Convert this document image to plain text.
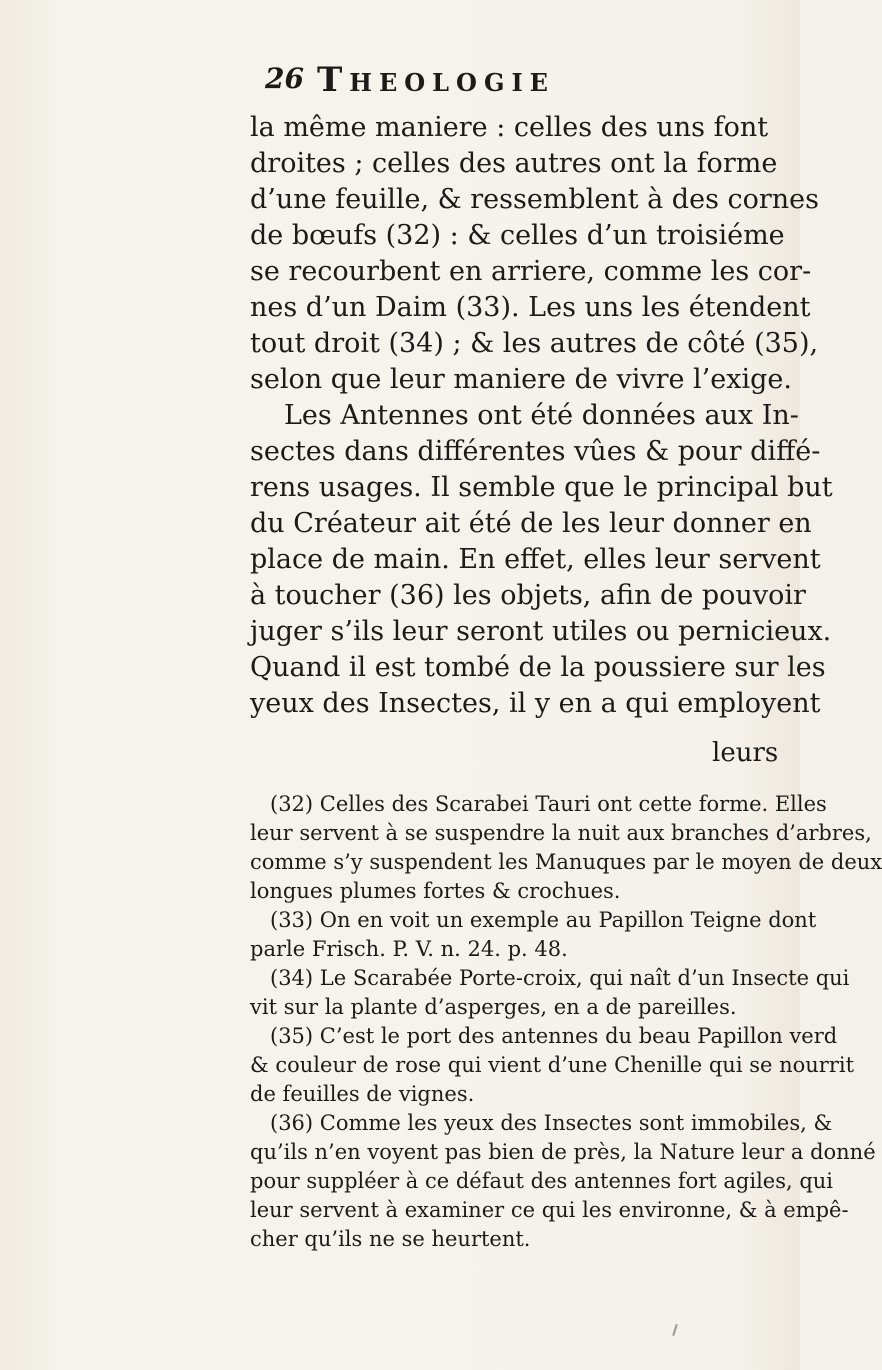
26 Theologie
la même maniere : celles des uns font
droites ; celles des autres ont la forme
d’une feuille, & ressemblent à des cornes
de bœufs (32) : & celles d’un troisiéme
se recourbent en arriere, comme les cor-
nes d’un Daim (33). Les uns les étendent
tout droit (34) ; & les autres de côté (35),
selon que leur maniere de vivre l’exige.
Les Antennes ont été données aux In-
sectes dans différentes vûes & pour diffé-
rens usages. Il semble que le principal but
du Créateur ait été de les leur donner en
place de main. En effet, elles leur servent
à toucher (36) les objets, afin de pouvoir
juger s’ils leur seront utiles ou pernicieux.
Quand il est tombé de la poussiere sur les
yeux des Insectes, il y en a qui employent
leurs
(32) Celles des Scarabei Tauri ont cette forme. Elles
leur servent à se suspendre la nuit aux branches d’arbres,
comme s’y suspendent les Manuques par le moyen de deux
longues plumes fortes & crochues.
(33) On en voit un exemple au Papillon Teigne dont
parle Frisch. P. V. n. 24. p. 48.
(34) Le Scarabée Porte-croix, qui naît d’un Insecte qui
vit sur la plante d’asperges, en a de pareilles.
(35) C’est le port des antennes du beau Papillon verd
& couleur de rose qui vient d’une Chenille qui se nourrit
de feuilles de vignes.
(36) Comme les yeux des Insectes sont immobiles, &
qu’ils n’en voyent pas bien de près, la Nature leur a donné
pour suppléer à ce défaut des antennes fort agiles, qui
leur servent à examiner ce qui les environne, & à empê-
cher qu’ils ne se heurtent.
